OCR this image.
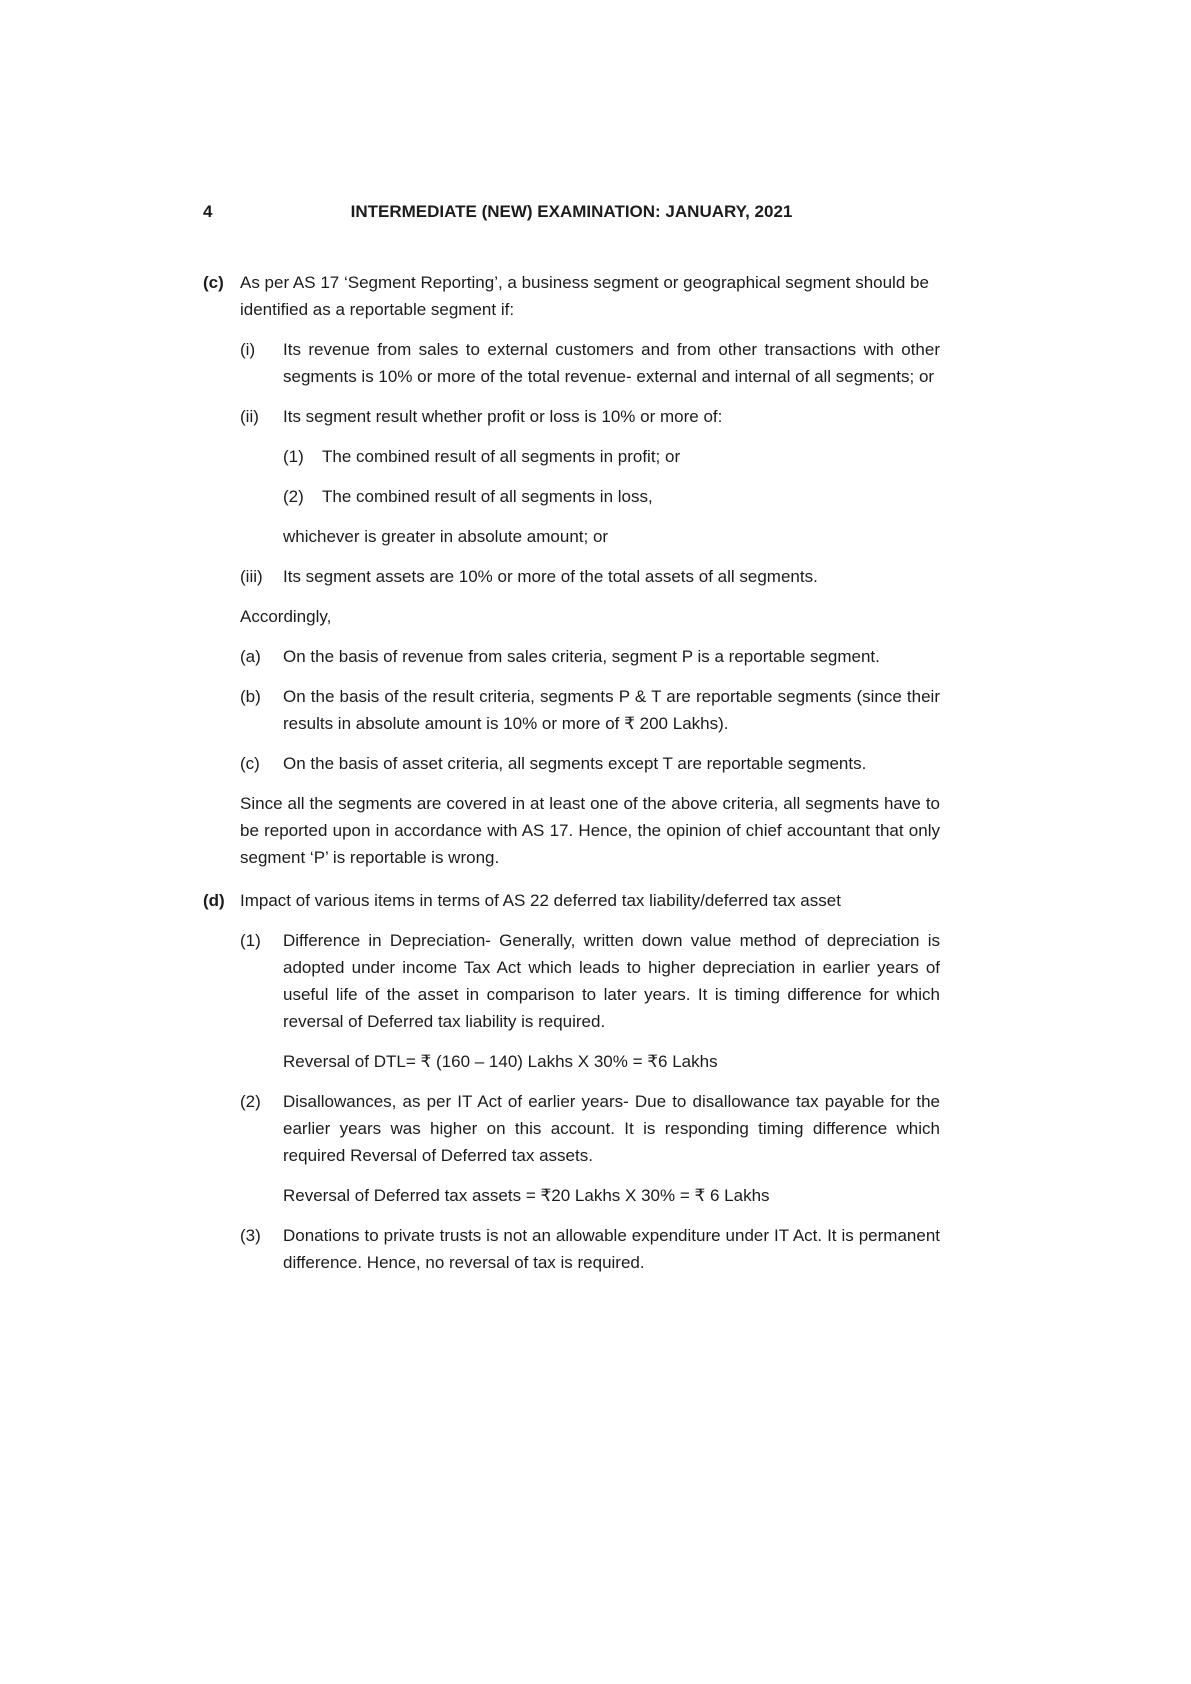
4	INTERMEDIATE (NEW) EXAMINATION: JANUARY, 2021
(c) As per AS 17 ‘Segment Reporting’, a business segment or geographical segment should be identified as a reportable segment if:
(i)	Its revenue from sales to external customers and from other transactions with other segments is 10% or more of the total revenue- external and internal of all segments; or
(ii)	Its segment result whether profit or loss is 10% or more of:
(1)	The combined result of all segments in profit; or
(2)	The combined result of all segments in loss,
whichever is greater in absolute amount; or
(iii)	Its segment assets are 10% or more of the total assets of all segments.
Accordingly,
(a)	On the basis of revenue from sales criteria, segment P is a reportable segment.
(b)	On the basis of the result criteria, segments P & T are reportable segments (since their results in absolute amount is 10% or more of ₹ 200 Lakhs).
(c)	On the basis of asset criteria, all segments except T are reportable segments.
Since all the segments are covered in at least one of the above criteria, all segments have to be reported upon in accordance with AS 17. Hence, the opinion of chief accountant that only segment ‘P’ is reportable is wrong.
(d) Impact of various items in terms of AS 22 deferred tax liability/deferred tax asset
(1)	Difference in Depreciation- Generally, written down value method of depreciation is adopted under income Tax Act which leads to higher depreciation in earlier years of useful life of the asset in comparison to later years. It is timing difference for which reversal of Deferred tax liability is required.
Reversal of DTL= ₹ (160 – 140) Lakhs X 30% = ₹6 Lakhs
(2)	Disallowances, as per IT Act of earlier years- Due to disallowance tax payable for the earlier years was higher on this account. It is responding timing difference which required Reversal of Deferred tax assets.
Reversal of Deferred tax assets = ₹20 Lakhs X 30% = ₹ 6 Lakhs
(3)	Donations to private trusts is not an allowable expenditure under IT Act. It is permanent difference. Hence, no reversal of tax is required.
